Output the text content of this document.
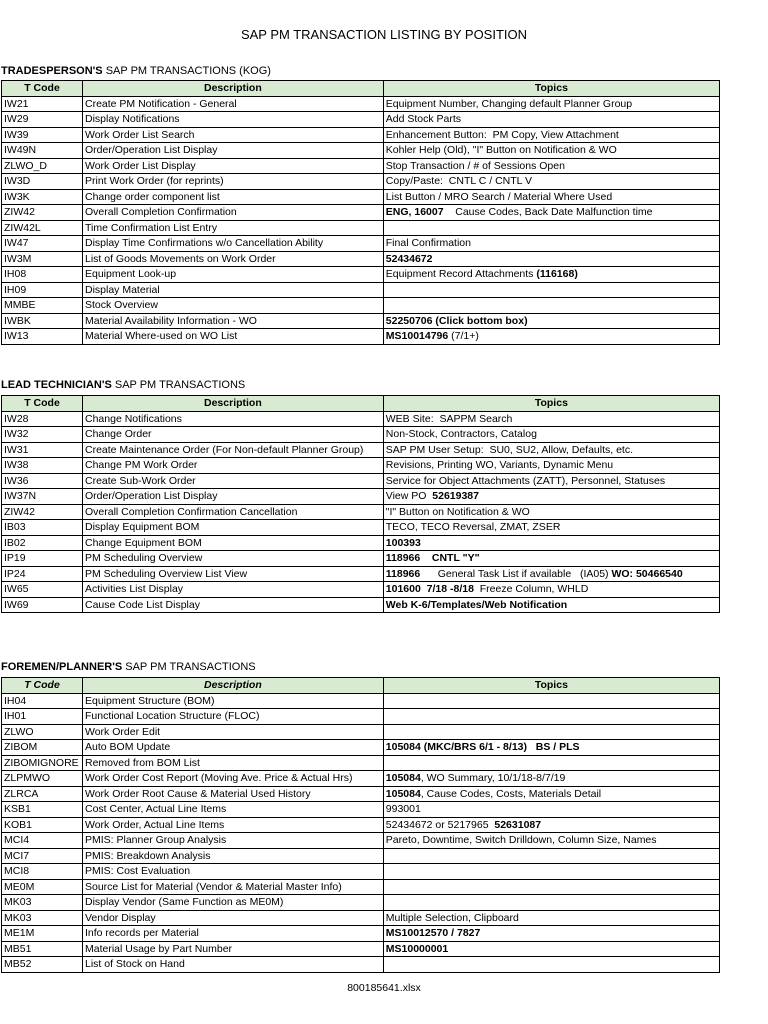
SAP PM TRANSACTION LISTING BY POSITION
TRADESPERSON'S SAP PM TRANSACTIONS (KOG)
T Code	Description	Topics
IW21	Create PM Notification - General	Equipment Number, Changing default Planner Group
IW29	Display Notifications	Add Stock Parts
IW39	Work Order List Search	Enhancement Button:  PM Copy, View Attachment
IW49N	Order/Operation List Display	Kohler Help (Old), "I" Button on Notification & WO
ZLWO_D	Work Order List Display	Stop Transaction / # of Sessions Open
IW3D	Print Work Order (for reprints)	Copy/Paste:  CNTL C / CNTL V
IW3K	Change order component list	List Button / MRO Search / Material Where Used
ZIW42	Overall Completion Confirmation	ENG, 16007    Cause Codes, Back Date Malfunction time
ZIW42L	Time Confirmation List Entry	
IW47	Display Time Confirmations w/o Cancellation Ability	Final Confirmation
IW3M	List of Goods Movements on Work Order	52434672
IH08	Equipment Look-up	Equipment Record Attachments (116168)
IH09	Display Material	
MMBE	Stock Overview	
IWBK	Material Availability Information - WO	52250706 (Click bottom box)
IW13	Material Where-used on WO List	MS10014796 (7/1+)
LEAD TECHNICIAN'S SAP PM TRANSACTIONS
T Code	Description	Topics
IW28	Change Notifications	WEB Site:  SAPPM Search
IW32	Change Order	Non-Stock, Contractors, Catalog
IW31	Create Maintenance Order (For Non-default Planner Group)	SAP PM User Setup:  SU0, SU2, Allow, Defaults, etc.
IW38	Change PM Work Order	Revisions, Printing WO, Variants, Dynamic Menu
IW36	Create Sub-Work Order	Service for Object Attachments (ZATT), Personnel, Statuses
IW37N	Order/Operation List Display	View PO  52619387
ZIW42	Overall Completion Confirmation Cancellation	"I" Button on Notification & WO
IB03	Display Equipment BOM	TECO, TECO Reversal, ZMAT, ZSER
IB02	Change Equipment BOM	100393
IP19	PM Scheduling Overview	118966    CNTL "Y"
IP24	PM Scheduling Overview List View	118966      General Task List if available   (IA05) WO: 50466540
IW65	Activities List Display	101600  7/18 -8/18  Freeze Column, WHLD
IW69	Cause Code List Display	Web K-6/Templates/Web Notification
FOREMEN/PLANNER'S SAP PM TRANSACTIONS
T Code	Description	Topics
IH04	Equipment Structure (BOM)	
IH01	Functional Location Structure (FLOC)	
ZLWO	Work Order Edit	
ZIBOM	Auto BOM Update	105084 (MKC/BRS 6/1 - 8/13)   BS / PLS
ZIBOMIGNORE	Removed from BOM List	
ZLPMWO	Work Order Cost Report (Moving Ave. Price & Actual Hrs)	105084, WO Summary, 10/1/18-8/7/19
ZLRCA	Work Order Root Cause & Material Used History	105084, Cause Codes, Costs, Materials Detail
KSB1	Cost Center, Actual Line Items	993001
KOB1	Work Order, Actual Line Items	52434672 or 5217965  52631087
MCI4	PMIS: Planner Group Analysis	Pareto, Downtime, Switch Drilldown, Column Size, Names
MCI7	PMIS: Breakdown Analysis	
MCI8	PMIS: Cost Evaluation	
ME0M	Source List for Material (Vendor & Material Master Info)	
MK03	Display Vendor (Same Function as ME0M)	
MK03	Vendor Display	Multiple Selection, Clipboard
ME1M	Info records per Material	MS10012570 / 7827
MB51	Material Usage by Part Number	MS10000001
MB52	List of Stock on Hand	
800185641.xlsx
